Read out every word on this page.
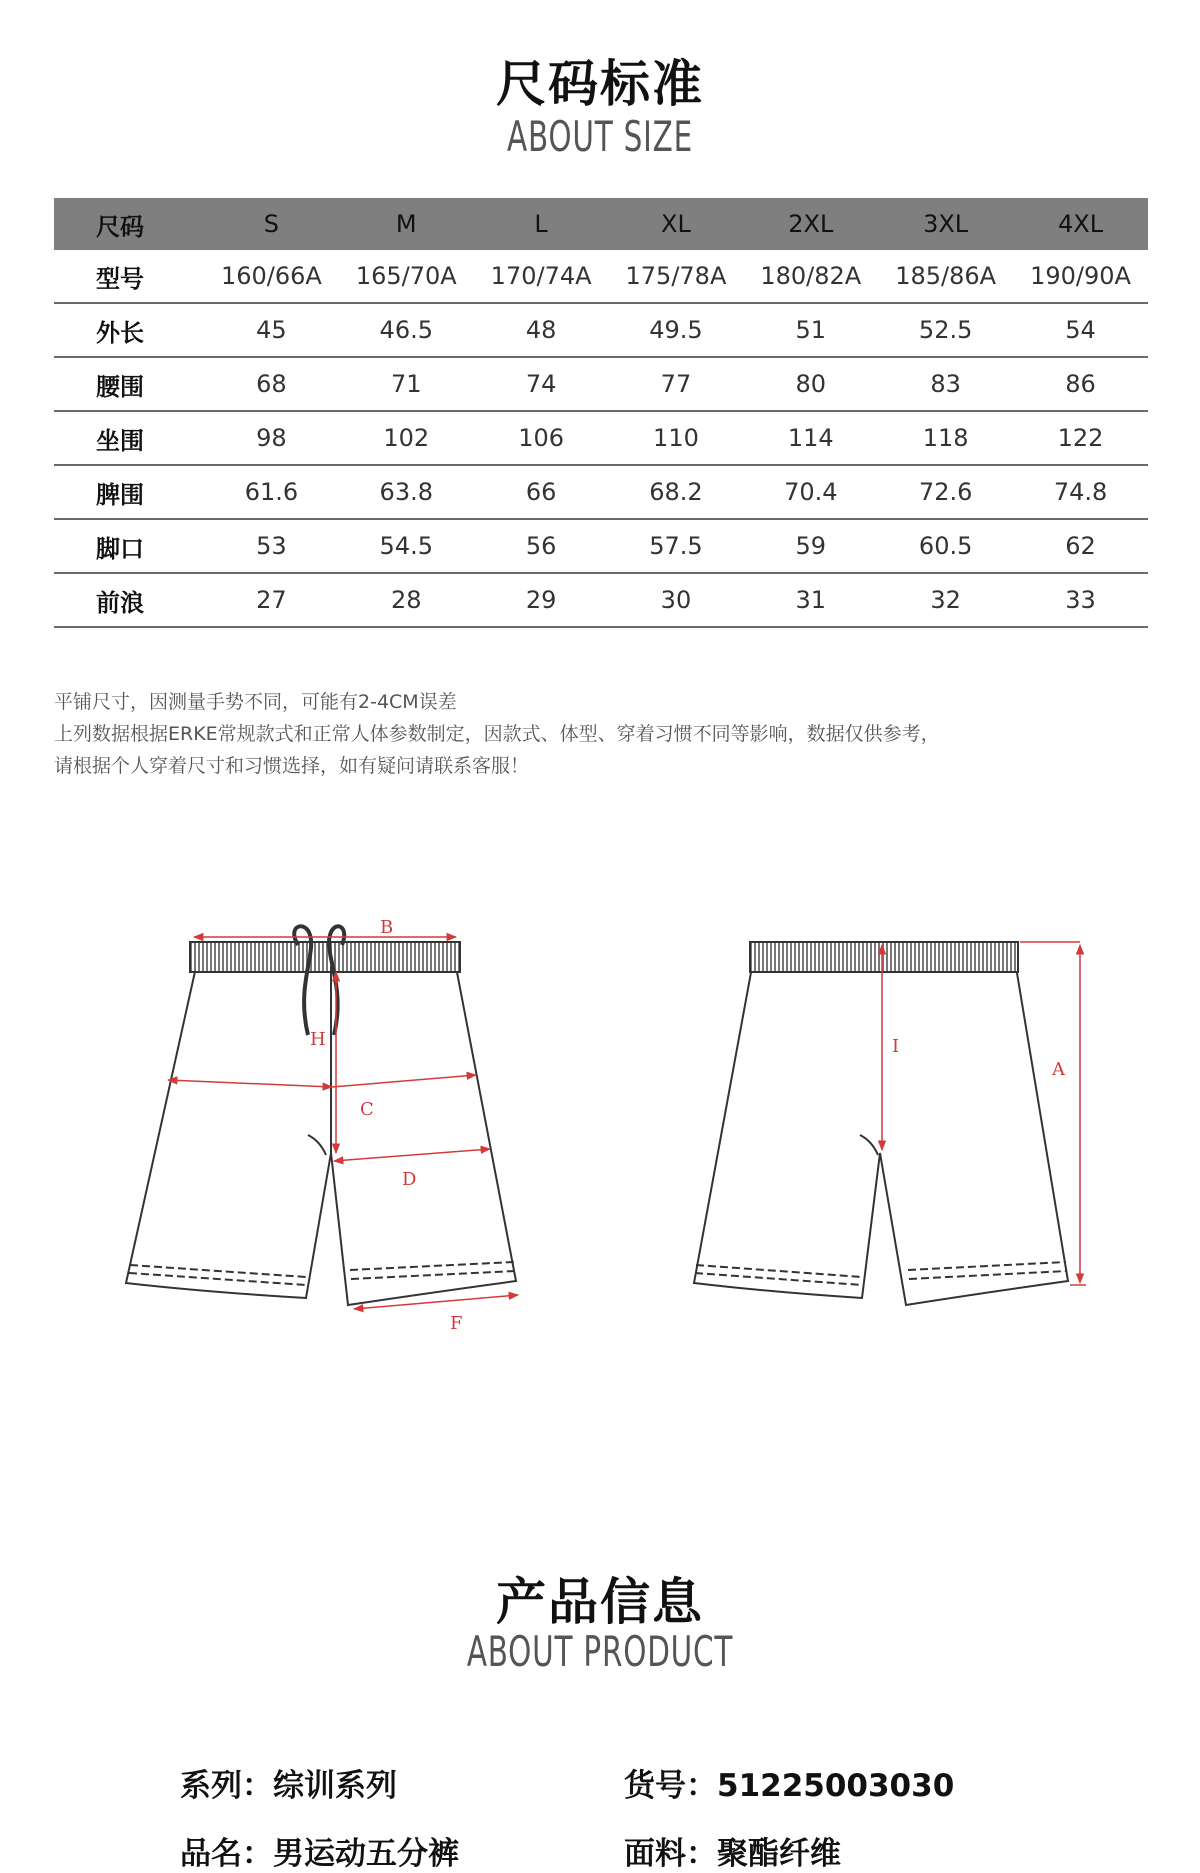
尺码标准
ABOUT SIZE
尺码	S	M	L	XL	2XL	3XL	4XL
型号	160/66A	165/70A	170/74A	175/78A	180/82A	185/86A	190/90A
外长	45	46.5	48	49.5	51	52.5	54
腰围	68	71	74	77	80	83	86
坐围	98	102	106	110	114	118	122
脾围	61.6	63.8	66	68.2	70.4	72.6	74.8
脚口	53	54.5	56	57.5	59	60.5	62
前浪	27	28	29	30	31	32	33
平铺尺寸，因测量手势不同，可能有2-4CM误差
上列数据根据ERKE常规款式和正常人体参数制定，因款式、体型、穿着习惯不同等影响，数据仅供参考，
请根据个人穿着尺寸和习惯选择，如有疑问请联系客服！
B
H
C
D
F
I
A
产品信息
ABOUT PRODUCT
系列：综训系列	货号：51225003030
品名：男运动五分裤	面料：聚酯纤维
